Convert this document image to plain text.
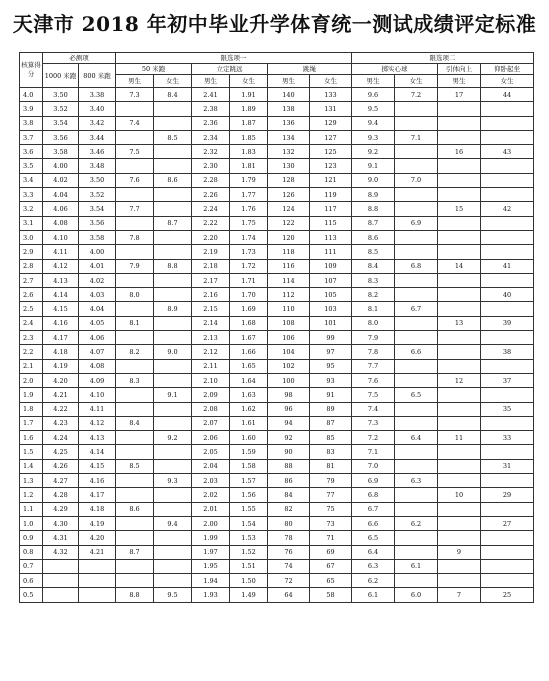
天津市 2018 年初中毕业升学体育统一测试成绩评定标准
核算得分	必测项		限选项一						限选项二			
	1000 米跑	800 米跑	50 米跑		立定跳远		跳绳		掷实心球		引体向上	仰卧起坐
			男生	女生	男生	女生	男生	女生	男生	女生	男生	女生
4.0	3.50	3.38	7.3	8.4	2.41	1.91	140	133	9.6	7.2	17	44
3.9	3.52	3.40			2.38	1.89	138	131	9.5			
3.8	3.54	3.42	7.4		2.36	1.87	136	129	9.4			
3.7	3.56	3.44		8.5	2.34	1.85	134	127	9.3	7.1		
3.6	3.58	3.46	7.5		2.32	1.83	132	125	9.2		16	43
3.5	4.00	3.48			2.30	1.81	130	123	9.1			
3.4	4.02	3.50	7.6	8.6	2.28	1.79	128	121	9.0	7.0		
3.3	4.04	3.52			2.26	1.77	126	119	8.9			
3.2	4.06	3.54	7.7		2.24	1.76	124	117	8.8		15	42
3.1	4.08	3.56		8.7	2.22	1.75	122	115	8.7	6.9		
3.0	4.10	3.58	7.8		2.20	1.74	120	113	8.6			
2.9	4.11	4.00			2.19	1.73	118	111	8.5			
2.8	4.12	4.01	7.9	8.8	2.18	1.72	116	109	8.4	6.8	14	41
2.7	4.13	4.02			2.17	1.71	114	107	8.3			
2.6	4.14	4.03	8.0		2.16	1.70	112	105	8.2			40
2.5	4.15	4.04		8.9	2.15	1.69	110	103	8.1	6.7		
2.4	4.16	4.05	8.1		2.14	1.68	108	101	8.0		13	39
2.3	4.17	4.06			2.13	1.67	106	99	7.9			
2.2	4.18	4.07	8.2	9.0	2.12	1.66	104	97	7.8	6.6		38
2.1	4.19	4.08			2.11	1.65	102	95	7.7			
2.0	4.20	4.09	8.3		2.10	1.64	100	93	7.6		12	37
1.9	4.21	4.10		9.1	2.09	1.63	98	91	7.5	6.5		
1.8	4.22	4.11			2.08	1.62	96	89	7.4			35
1.7	4.23	4.12	8.4		2.07	1.61	94	87	7.3			
1.6	4.24	4.13		9.2	2.06	1.60	92	85	7.2	6.4	11	33
1.5	4.25	4.14			2.05	1.59	90	83	7.1			
1.4	4.26	4.15	8.5		2.04	1.58	88	81	7.0			31
1.3	4.27	4.16		9.3	2.03	1.57	86	79	6.9	6.3		
1.2	4.28	4.17			2.02	1.56	84	77	6.8		10	29
1.1	4.29	4.18	8.6		2.01	1.55	82	75	6.7			
1.0	4.30	4.19		9.4	2.00	1.54	80	73	6.6	6.2		27
0.9	4.31	4.20			1.99	1.53	78	71	6.5			
0.8	4.32	4.21	8.7		1.97	1.52	76	69	6.4		9	
0.7					1.95	1.51	74	67	6.3	6.1		
0.6					1.94	1.50	72	65	6.2			
0.5			8.8	9.5	1.93	1.49	64	58	6.1	6.0	7	25
